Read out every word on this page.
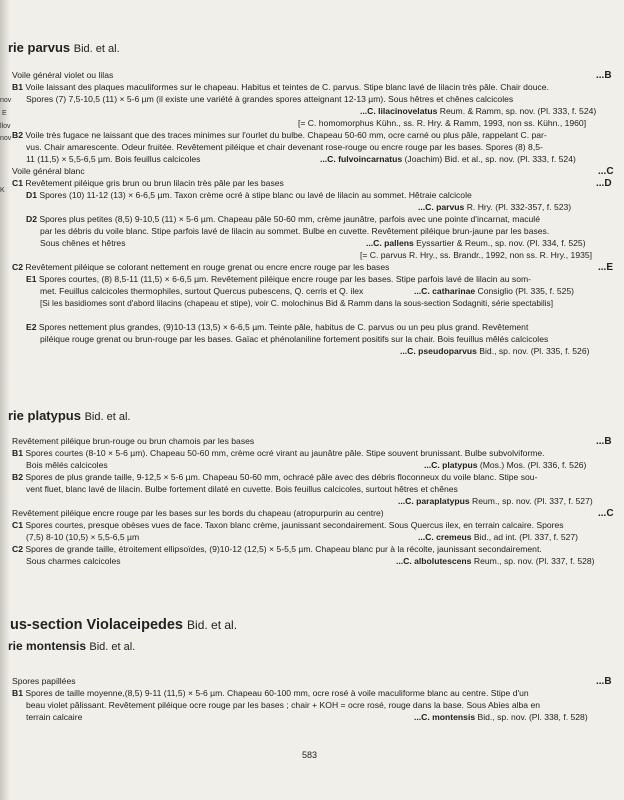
nov
E
llov
nov
K
rie parvus Bid. et al.
Voile général violet ou lilas	...B
B1 Voile laissant des plaques maculiformes sur le chapeau. Habitus et teintes de C. parvus. Stipe blanc lavé de lilacin très pâle. Chair douce.
Spores (7) 7,5-10,5 (11) × 5-6 µm (il existe une variété à grandes spores atteignant 12-13 µm). Sous hêtres et chênes calcicoles
...C. lilacinovelatus Reum. & Ramm, sp. nov. (Pl. 333, f. 524)
[= C. homomorphus Kühn., ss. R. Hry. & Ramm, 1993, non ss. Kühn., 1960]
B2 Voile très fugace ne laissant que des traces minimes sur l'ourlet du bulbe. Chapeau 50-60 mm, ocre carné ou plus pâle, rappelant C. par-
vus. Chair amarescente. Odeur fruitée. Revêtement piléique et chair devenant rose-rouge ou encre rouge par les bases. Spores (8) 8,5-
11 (11,5) × 5,5-6,5 µm. Bois feuillus calcicoles	...C. fulvoincarnatus (Joachim) Bid. et al., sp. nov. (Pl. 333, f. 524)
Voile général blanc	...C
C1 Revêtement piléique gris brun ou brun lilacin très pâle par les bases	...D
D1 Spores (10) 11-12 (13) × 6-6,5 µm. Taxon crème ocré à stipe blanc ou lavé de lilacin au sommet. Hêtraie calcicole
...C. parvus R. Hry. (Pl. 332-357, f. 523)
D2 Spores plus petites (8,5) 9-10,5 (11) × 5-6 µm. Chapeau pâle 50-60 mm, crème jaunâtre, parfois avec une pointe d'incarnat, maculé
par les débris du voile blanc. Stipe parfois lavé de lilacin au sommet. Bulbe en cuvette. Revêtement piléique brun-jaune par les bases.
Sous chênes et hêtres	...C. pallens Eyssartier & Reum., sp. nov. (Pl. 334, f. 525)
[= C. parvus R. Hry., ss. Brandr., 1992, non ss. R. Hry., 1935]
C2 Revêtement piléique se colorant nettement en rouge grenat ou encre encre rouge par les bases	...E
E1 Spores courtes, (8) 8,5-11 (11,5) × 6-6,5 µm. Revêtement piléique encre rouge par les bases. Stipe parfois lavé de lilacin au som-
met. Feuillus calcicoles thermophiles, surtout Quercus pubescens, Q. cerris et Q. ilex	...C. catharinae Consiglio (Pl. 335, f. 525)
[Si les basidiomes sont d'abord lilacins (chapeau et stipe), voir C. molochinus Bid & Ramm dans la sous-section Sodagniti, série spectabilis]
E2 Spores nettement plus grandes, (9)10-13 (13,5) × 6-6,5 µm. Teinte pâle, habitus de C. parvus ou un peu plus grand. Revêtement
piléique rouge grenat ou brun-rouge par les bases. Gaïac et phénolaniline fortement positifs sur la chair. Bois feuillus mêlés calcicoles
...C. pseudoparvus Bid., sp. nov. (Pl. 335, f. 526)
rie platypus Bid. et al.
Revêtement piléique brun-rouge ou brun chamois par les bases	...B
B1 Spores courtes (8-10 × 5-6 µm). Chapeau 50-60 mm, crème ocré virant au jaunâtre pâle. Stipe souvent brunissant. Bulbe subvolviforme.
Bois mêlés calcicoles	...C. platypus (Mos.) Mos. (Pl. 336, f. 526)
B2 Spores de plus grande taille, 9-12,5 × 5-6 µm. Chapeau 50-60 mm, ochracé pâle avec des débris floconneux du voile blanc. Stipe sou-
vent fluet, blanc lavé de lilacin. Bulbe fortement dilaté en cuvette. Bois feuillus calcicoles, surtout hêtres et chênes
...C. paraplatypus Reum., sp. nov. (Pl. 337, f. 527)
Revêtement piléique encre rouge par les bases sur les bords du chapeau (atropurpurin au centre)	...C
C1 Spores courtes, presque obèses vues de face. Taxon blanc crème, jaunissant secondairement. Sous Quercus ilex, en terrain calcaire. Spores
(7,5) 8-10 (10,5) × 5,5-6,5 µm	...C. cremeus Bid., ad int. (Pl. 337, f. 527)
C2 Spores de grande taille, étroitement ellipsoïdes, (9)10-12 (12,5) × 5-5,5 µm. Chapeau blanc pur à la récolte, jaunissant secondairement.
Sous charmes calcicoles	...C. albolutescens Reum., sp. nov. (Pl. 337, f. 528)
us-section Violaceipedes Bid. et al.
rie montensis Bid. et al.
Spores papillées	...B
B1 Spores de taille moyenne,(8,5) 9-11 (11,5) × 5-6 µm. Chapeau 60-100 mm, ocre rosé à voile maculiforme blanc au centre. Stipe d'un
beau violet pâlissant. Revêtement piléique ocre rouge par les bases ; chair + KOH = ocre rosé, rouge dans la base. Sous Abies alba en
terrain calcaire	...C. montensis Bid., sp. nov. (Pl. 338, f. 528)
583
